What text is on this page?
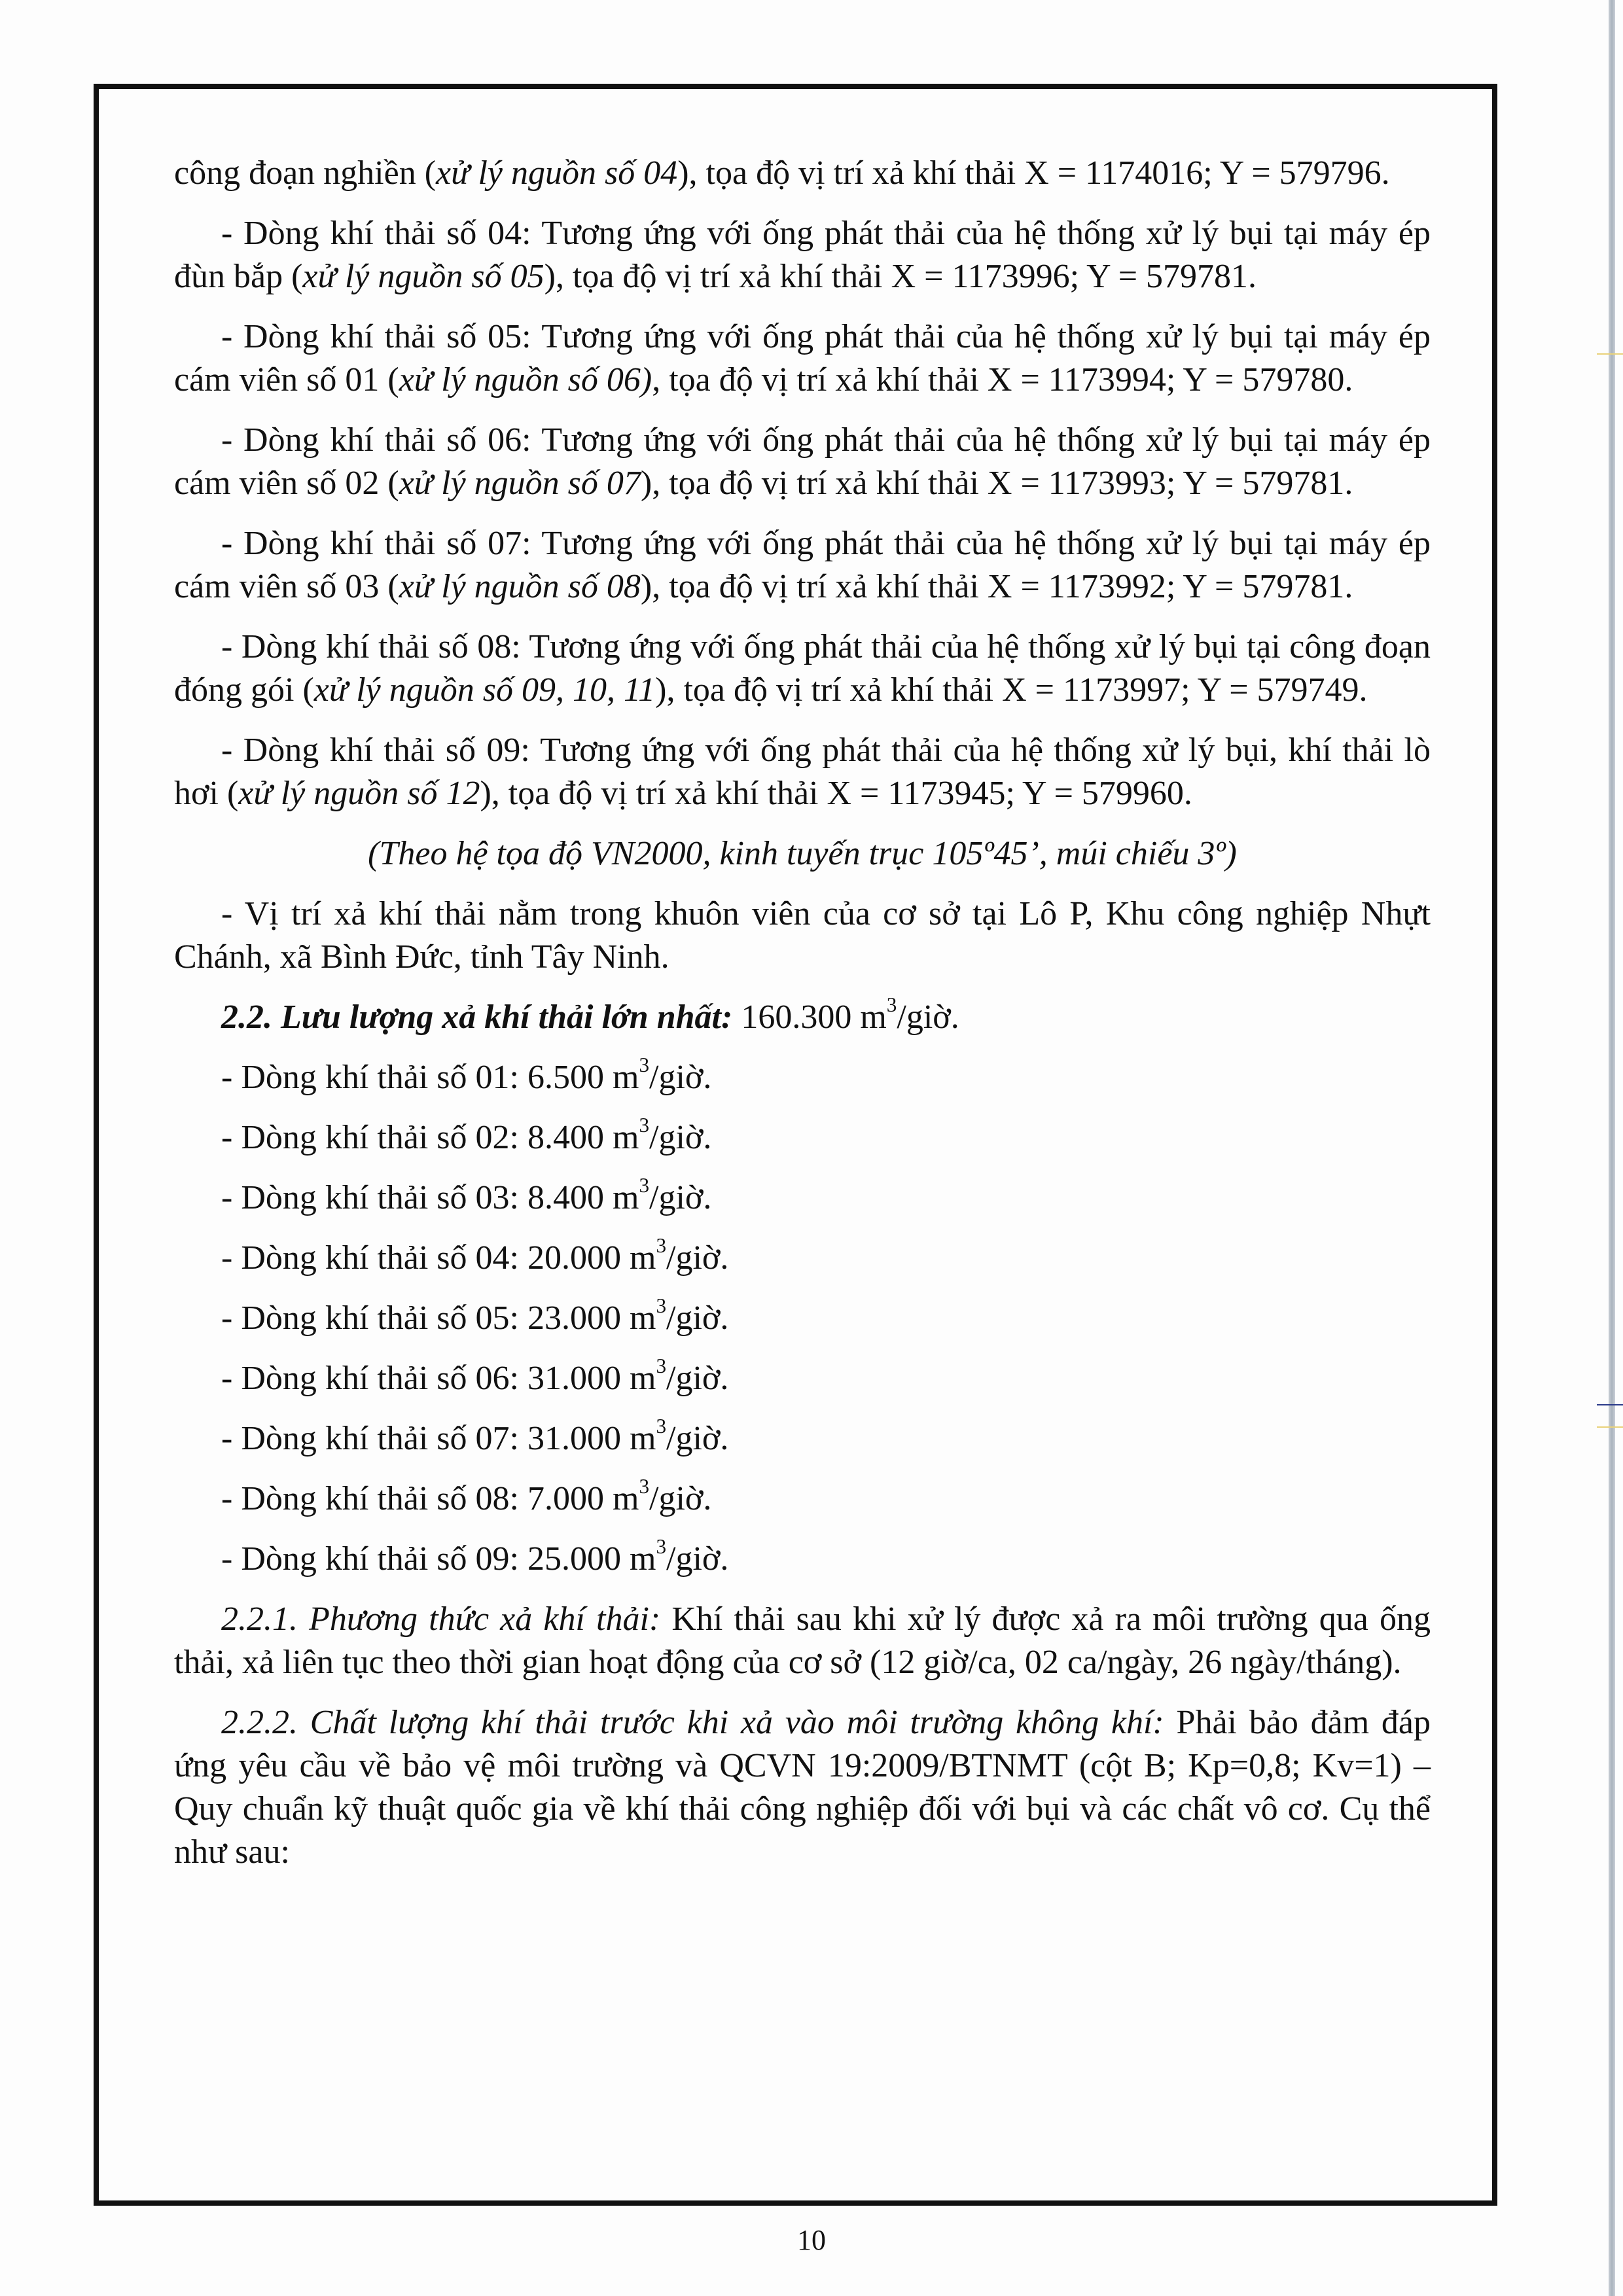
công đoạn nghiền (xử lý nguồn số 04), tọa độ vị trí xả khí thải X = 1174016; Y = 579796.

- Dòng khí thải số 04: Tương ứng với ống phát thải của hệ thống xử lý bụi tại máy ép đùn bắp (xử lý nguồn số 05), tọa độ vị trí xả khí thải X = 1173996; Y = 579781.

- Dòng khí thải số 05: Tương ứng với ống phát thải của hệ thống xử lý bụi tại máy ép cám viên số 01 (xử lý nguồn số 06), tọa độ vị trí xả khí thải X = 1173994; Y = 579780.

- Dòng khí thải số 06: Tương ứng với ống phát thải của hệ thống xử lý bụi tại máy ép cám viên số 02 (xử lý nguồn số 07), tọa độ vị trí xả khí thải X = 1173993; Y = 579781.

- Dòng khí thải số 07: Tương ứng với ống phát thải của hệ thống xử lý bụi tại máy ép cám viên số 03 (xử lý nguồn số 08), tọa độ vị trí xả khí thải X = 1173992; Y = 579781.

- Dòng khí thải số 08: Tương ứng với ống phát thải của hệ thống xử lý bụi tại công đoạn đóng gói (xử lý nguồn số 09, 10, 11), tọa độ vị trí xả khí thải X = 1173997; Y = 579749.

- Dòng khí thải số 09: Tương ứng với ống phát thải của hệ thống xử lý bụi, khí thải lò hơi (xử lý nguồn số 12), tọa độ vị trí xả khí thải X = 1173945; Y = 579960.

(Theo hệ tọa độ VN2000, kinh tuyến trục 105º45’, múi chiếu 3º)

- Vị trí xả khí thải nằm trong khuôn viên của cơ sở tại Lô P, Khu công nghiệp Nhựt Chánh, xã Bình Đức, tỉnh Tây Ninh.

2.2. Lưu lượng xả khí thải lớn nhất: 160.300 $m^3$/giờ.

- Dòng khí thải số 01: 6.500 $m^3$/giờ.
- Dòng khí thải số 02: 8.400 $m^3$/giờ.
- Dòng khí thải số 03: 8.400 $m^3$/giờ.
- Dòng khí thải số 04: 20.000 $m^3$/giờ.
- Dòng khí thải số 05: 23.000 $m^3$/giờ.
- Dòng khí thải số 06: 31.000 $m^3$/giờ.
- Dòng khí thải số 07: 31.000 $m^3$/giờ.
- Dòng khí thải số 08: 7.000 $m^3$/giờ.
- Dòng khí thải số 09: 25.000 $m^3$/giờ.

2.2.1. Phương thức xả khí thải: Khí thải sau khi xử lý được xả ra môi trường qua ống thải, xả liên tục theo thời gian hoạt động của cơ sở (12 giờ/ca, 02 ca/ngày, 26 ngày/tháng).

2.2.2. Chất lượng khí thải trước khi xả vào môi trường không khí: Phải bảo đảm đáp ứng yêu cầu về bảo vệ môi trường và QCVN 19:2009/BTNMT (cột B; Kp=0,8; Kv=1) – Quy chuẩn kỹ thuật quốc gia về khí thải công nghiệp đối với bụi và các chất vô cơ. Cụ thể như sau:

10
